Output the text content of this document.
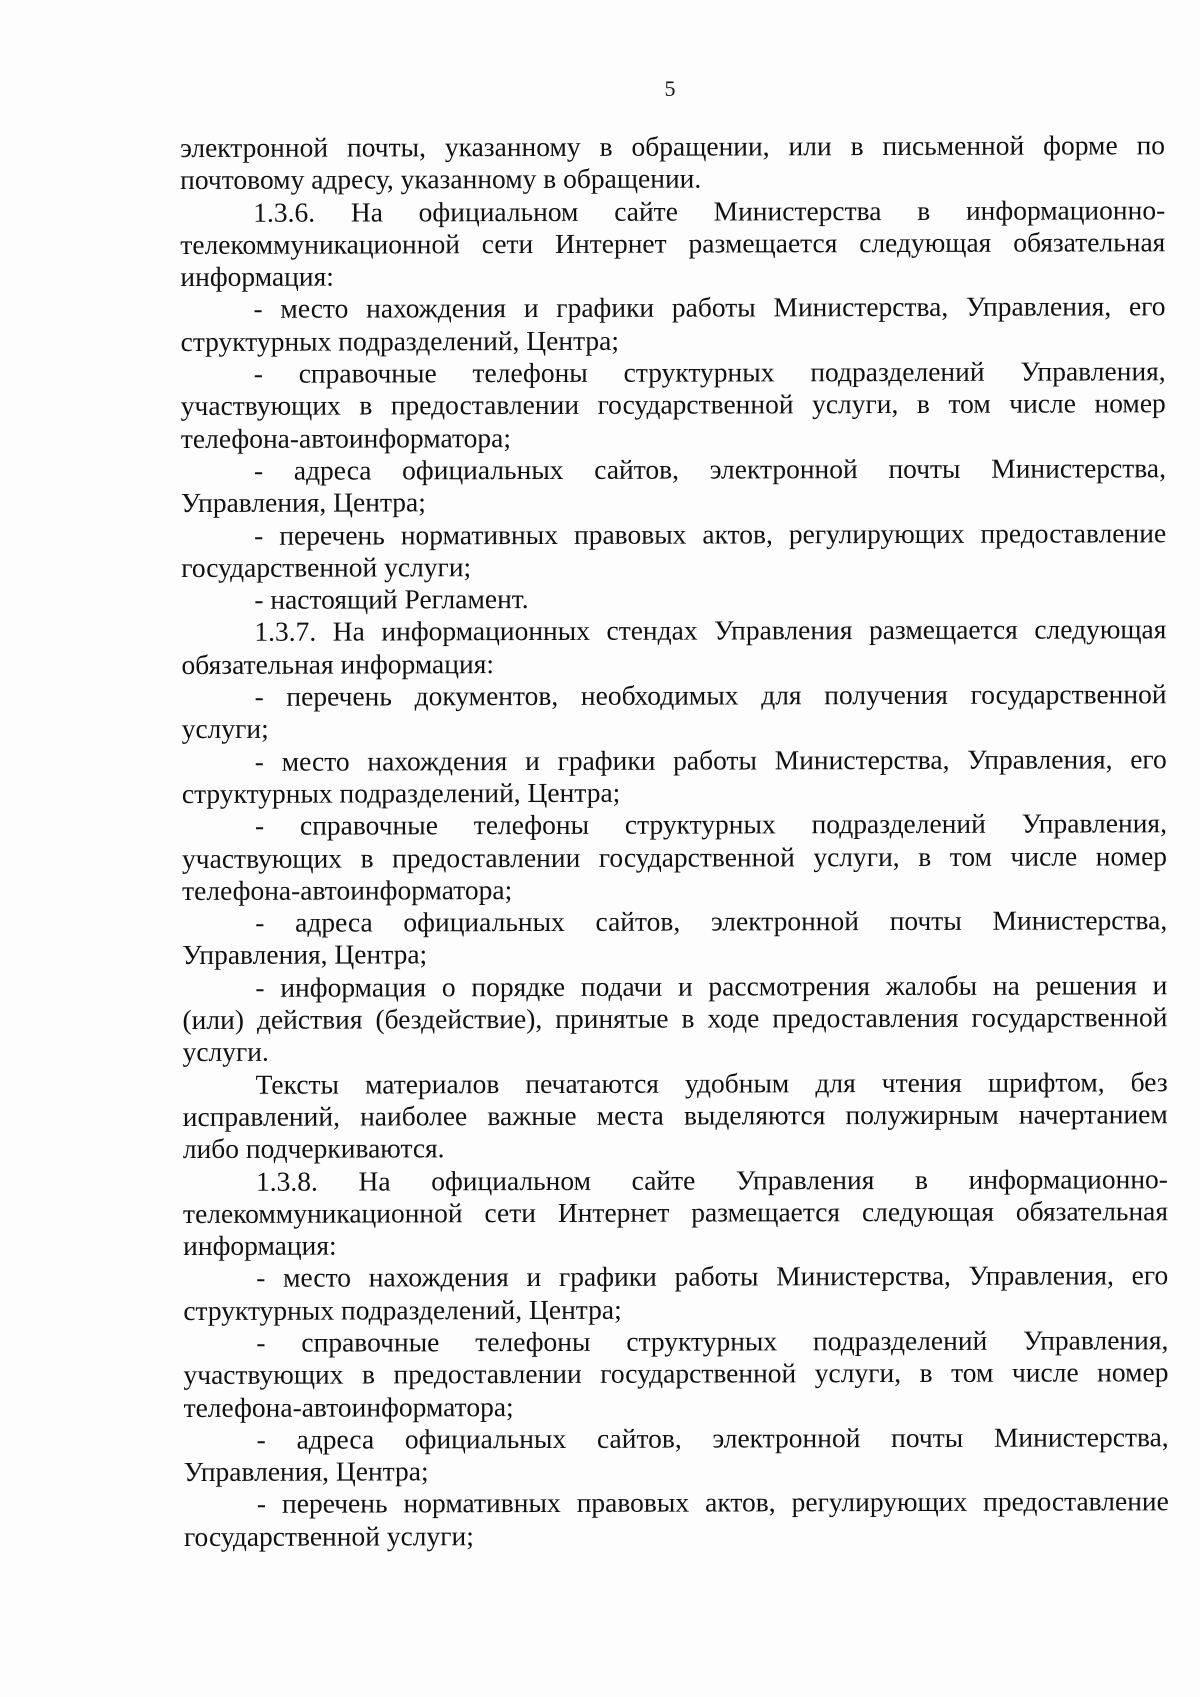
5
электронной почты, указанному в обращении, или в письменной форме по
почтовому адресу, указанному в обращении.
1.3.6. На официальном сайте Министерства в информационно-
телекоммуникационной сети Интернет размещается следующая обязательная
информация:
- место нахождения и графики работы Министерства, Управления, его
структурных подразделений, Центра;
- справочные телефоны структурных подразделений Управления,
участвующих в предоставлении государственной услуги, в том числе номер
телефона-автоинформатора;
- адреса официальных сайтов, электронной почты Министерства,
Управления, Центра;
- перечень нормативных правовых актов, регулирующих предоставление
государственной услуги;
- настоящий Регламент.
1.3.7. На информационных стендах Управления размещается следующая
обязательная информация:
- перечень документов, необходимых для получения государственной
услуги;
- место нахождения и графики работы Министерства, Управления, его
структурных подразделений, Центра;
- справочные телефоны структурных подразделений Управления,
участвующих в предоставлении государственной услуги, в том числе номер
телефона-автоинформатора;
- адреса официальных сайтов, электронной почты Министерства,
Управления, Центра;
- информация о порядке подачи и рассмотрения жалобы на решения и
(или) действия (бездействие), принятые в ходе предоставления государственной
услуги.
Тексты материалов печатаются удобным для чтения шрифтом, без
исправлений, наиболее важные места выделяются полужирным начертанием
либо подчеркиваются.
1.3.8. На официальном сайте Управления в информационно-
телекоммуникационной сети Интернет размещается следующая обязательная
информация:
- место нахождения и графики работы Министерства, Управления, его
структурных подразделений, Центра;
- справочные телефоны структурных подразделений Управления,
участвующих в предоставлении государственной услуги, в том числе номер
телефона-автоинформатора;
- адреса официальных сайтов, электронной почты Министерства,
Управления, Центра;
- перечень нормативных правовых актов, регулирующих предоставление
государственной услуги;
